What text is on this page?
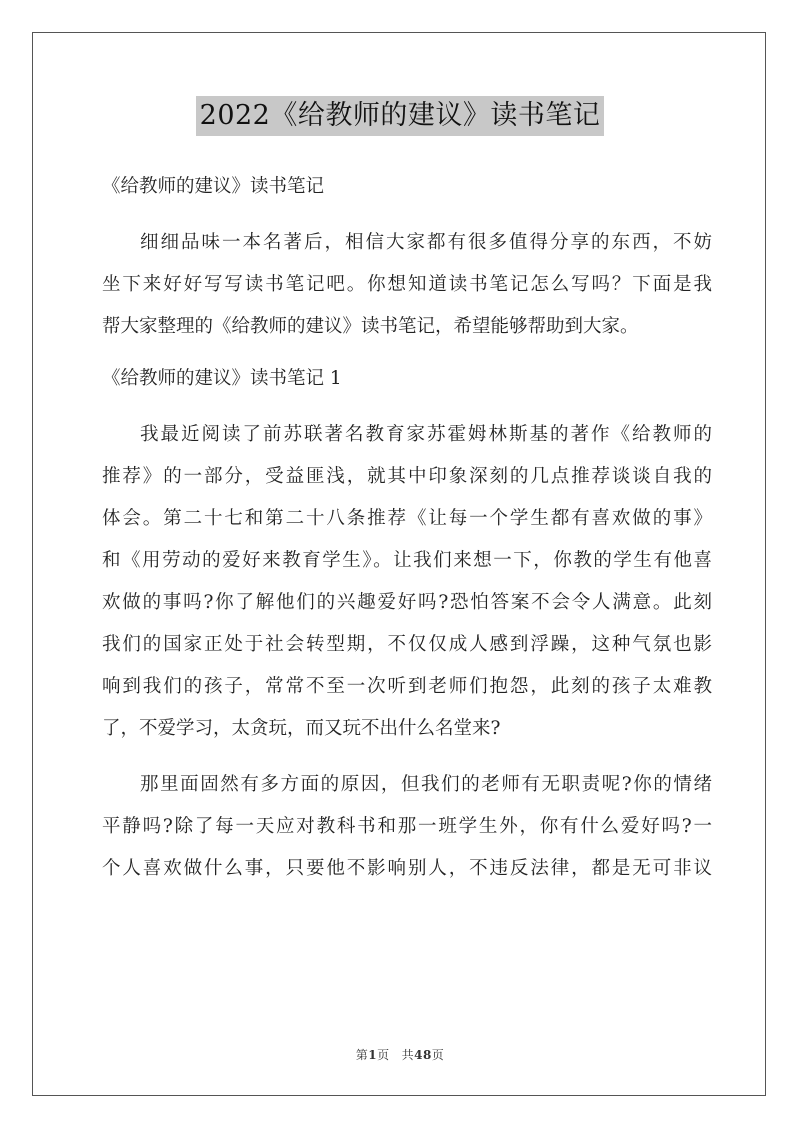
2022《给教师的建议》读书笔记
《给教师的建议》读书笔记
细细品味一本名著后，相信大家都有很多值得分享的东西，不妨
坐下来好好写写读书笔记吧。你想知道读书笔记怎么写吗？下面是我
帮大家整理的《给教师的建议》读书笔记，希望能够帮助到大家。
《给教师的建议》读书笔记 1
我最近阅读了前苏联著名教育家苏霍姆林斯基的著作《给教师的
推荐》的一部分，受益匪浅，就其中印象深刻的几点推荐谈谈自我的
体会。第二十七和第二十八条推荐《让每一个学生都有喜欢做的事》
和《用劳动的爱好来教育学生》。让我们来想一下，你教的学生有他喜
欢做的事吗?你了解他们的兴趣爱好吗?恐怕答案不会令人满意。此刻
我们的国家正处于社会转型期，不仅仅成人感到浮躁，这种气氛也影
响到我们的孩子，常常不至一次听到老师们抱怨，此刻的孩子太难教
了，不爱学习，太贪玩，而又玩不出什么名堂来?
那里面固然有多方面的原因，但我们的老师有无职责呢?你的情绪
平静吗?除了每一天应对教科书和那一班学生外，你有什么爱好吗?一
个人喜欢做什么事，只要他不影响别人，不违反法律，都是无可非议
第1页 共48页
